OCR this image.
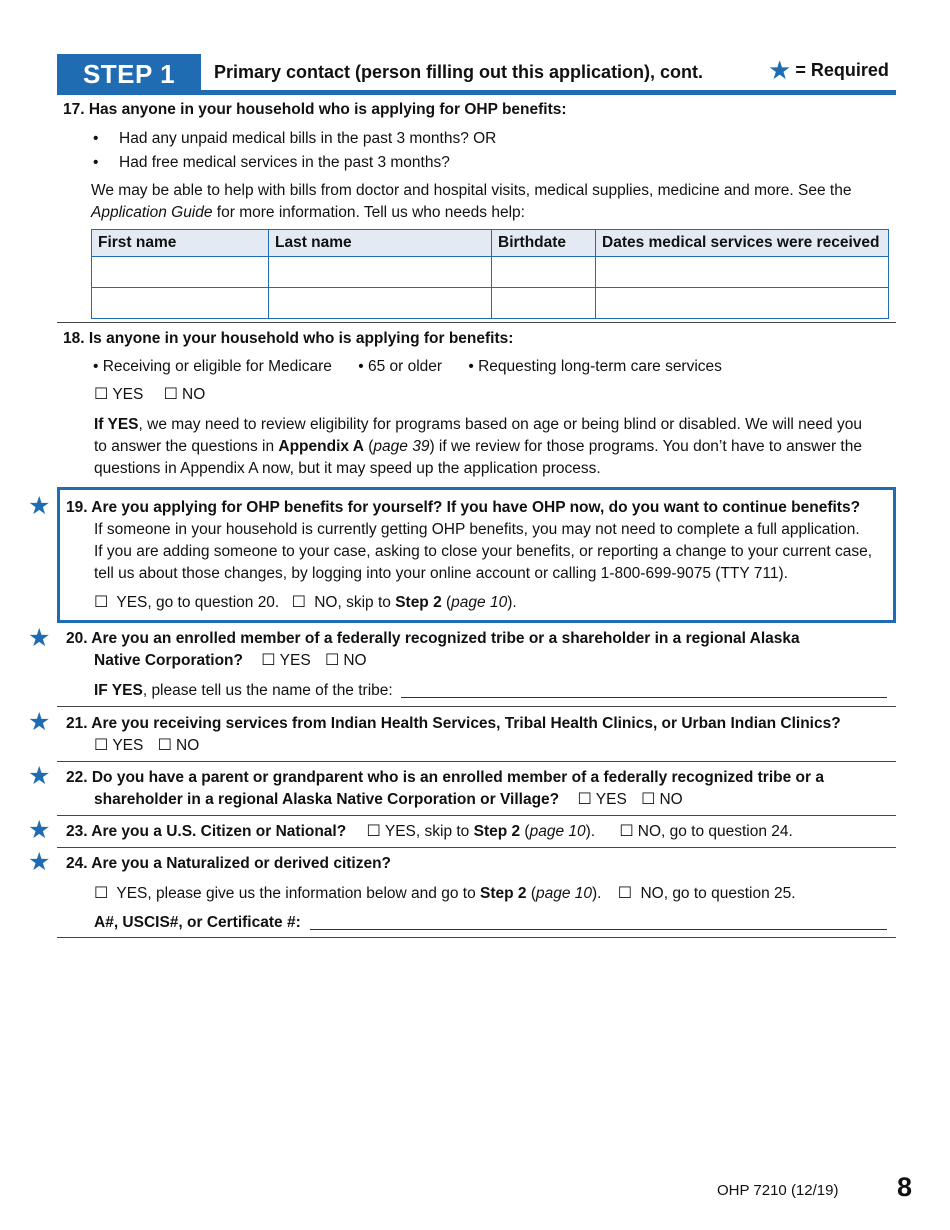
STEP 1	Primary contact (person filling out this application), cont. ★ = Required
17. Has anyone in your household who is applying for OHP benefits:
• Had any unpaid medical bills in the past 3 months? OR
• Had free medical services in the past 3 months?
We may be able to help with bills from doctor and hospital visits, medical supplies, medicine and more. See the
Application Guide for more information. Tell us who needs help:
First name	Last name	Birthdate	Dates medical services were received

18. Is anyone in your household who is applying for benefits:
• Receiving or eligible for Medicare • 65 or older • Requesting long-term care services
☐ YES ☐ NO
If YES, we may need to review eligibility for programs based on age or being blind or disabled. We will need you
to answer the questions in Appendix A (page 39) if we review for those programs. You don’t have to answer the
questions in Appendix A now, but it may speed up the application process.
★ 19. Are you applying for OHP benefits for yourself? If you have OHP now, do you want to continue benefits?

If someone in your household is currently getting OHP benefits, you may not need to complete a full application.
If you are adding someone to your case, asking to close your benefits, or reporting a change to your current case,
tell us about those changes, by logging into your online account or calling 1-800-699-9075 (TTY 711).
☐ YES, go to question 20. ☐ NO, skip to Step 2 (page 10).
★ 20. Are you an enrolled member of a federally recognized tribe or a shareholder in a regional Alaska
Native Corporation? ☐ YES ☐ NO
IF YES, please tell us the name of the tribe:
★ 21. Are you receiving services from Indian Health Services, Tribal Health Clinics, or Urban Indian Clinics?
☐ YES ☐ NO
★ 22. Do you have a parent or grandparent who is an enrolled member of a federally recognized tribe or a
shareholder in a regional Alaska Native Corporation or Village? ☐ YES ☐ NO
★ 23. Are you a U.S. Citizen or National? ☐ YES, skip to Step 2 (page 10). ☐ NO, go to question 24.
★ 24. Are you a Naturalized or derived citizen?
☐ YES, please give us the information below and go to Step 2 (page 10). ☐ NO, go to question 25.
A#, USCIS#, or Certificate #:
OHP 7210 (12/19) 8
